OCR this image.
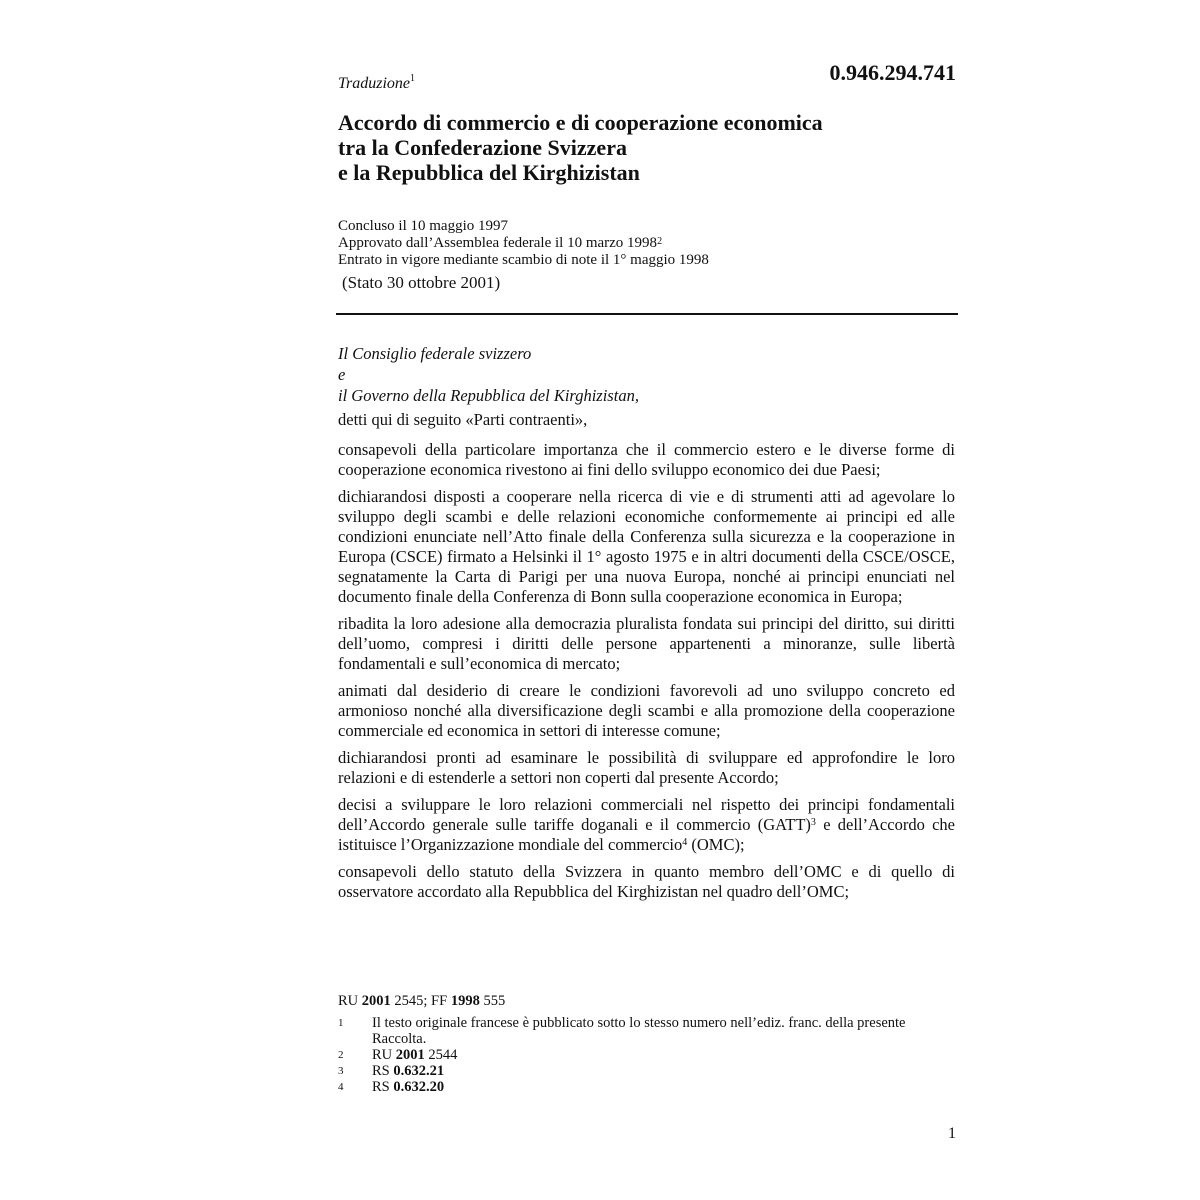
Traduzione$^1$	0.946.294.741
Accordo di commercio e di cooperazione economica
tra la Confederazione Svizzera
e la Repubblica del Kirghizistan
Concluso il 10 maggio 1997
Approvato dall’Assemblea federale il 10 marzo 1998$^2$
Entrato in vigore mediante scambio di note il 1° maggio 1998
(Stato 30 ottobre 2001)
Il Consiglio federale svizzero
e
il Governo della Repubblica del Kirghizistan,

detti qui di seguito «Parti contraenti»,

consapevoli della particolare importanza che il commercio estero e le diverse forme di cooperazione economica rivestono ai fini dello sviluppo economico dei due Paesi;

dichiarandosi disposti a cooperare nella ricerca di vie e di strumenti atti ad agevolare lo sviluppo degli scambi e delle relazioni economiche conformemente ai principi ed alle condizioni enunciate nell’Atto finale della Conferenza sulla sicurezza e la cooperazione in Europa (CSCE) firmato a Helsinki il 1° agosto 1975 e in altri documenti della CSCE/OSCE, segnatamente la Carta di Parigi per una nuova Europa, nonché ai principi enunciati nel documento finale della Conferenza di Bonn sulla cooperazione economica in Europa;

ribadita la loro adesione alla democrazia pluralista fondata sui principi del diritto, sui diritti dell’uomo, compresi i diritti delle persone appartenenti a minoranze, sulle libertà fondamentali e sull’economica di mercato;

animati dal desiderio di creare le condizioni favorevoli ad uno sviluppo concreto ed armonioso nonché alla diversificazione degli scambi e alla promozione della cooperazione commerciale ed economica in settori di interesse comune;

dichiarandosi pronti ad esaminare le possibilità di sviluppare ed approfondire le loro relazioni e di estenderle a settori non coperti dal presente Accordo;

decisi a sviluppare le loro relazioni commerciali nel rispetto dei principi fondamentali dell’Accordo generale sulle tariffe doganali e il commercio (GATT)$^3$ e dell’Accordo che istituisce l’Organizzazione mondiale del commercio$^4$ (OMC);

consapevoli dello statuto della Svizzera in quanto membro dell’OMC e di quello di osservatore accordato alla Repubblica del Kirghizistan nel quadro dell’OMC;

RU 2001 2545; FF 1998 555
1	Il testo originale francese è pubblicato sotto lo stesso numero nell’ediz. franc. della presente Raccolta.
2	RU 2001 2544
3	RS 0.632.21
4	RS 0.632.20
1
